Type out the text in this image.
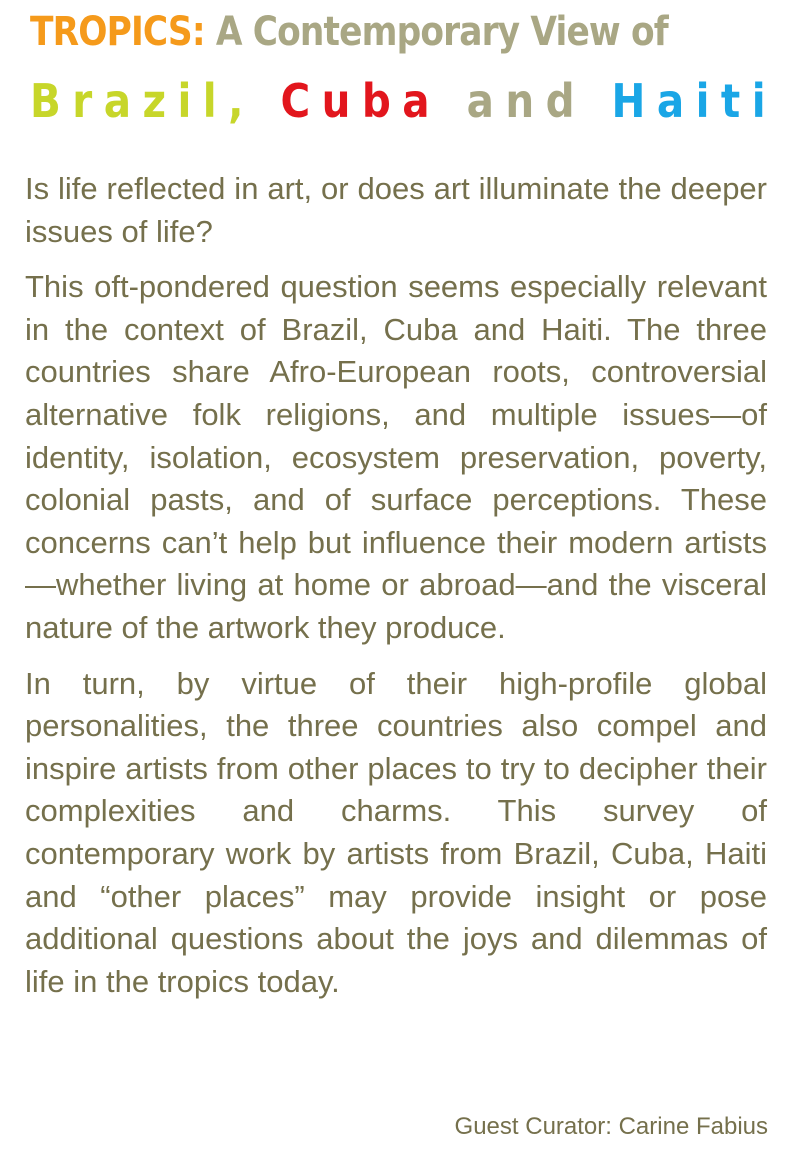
TROPICS: A Contemporary View of
Brazil, Cuba and Haiti

Is life reflected in art, or does art illuminate the deeper issues of life?

This oft-pondered question seems especially relevant in the context of Brazil, Cuba and Haiti. The three countries share Afro-European roots, controversial alternative folk religions, and multiple issues—of identity, isolation, ecosystem preservation, poverty, colonial pasts, and of surface perceptions. These concerns can’t help but influence their modern artists—whether living at home or abroad—and the visceral nature of the artwork they produce.

In turn, by virtue of their high-profile global personalities, the three countries also compel and inspire artists from other places to try to decipher their complexities and charms. This survey of contemporary work by artists from Brazil, Cuba, Haiti and “other places” may provide insight or pose additional questions about the joys and dilemmas of life in the tropics today.

Guest Curator: Carine Fabius
